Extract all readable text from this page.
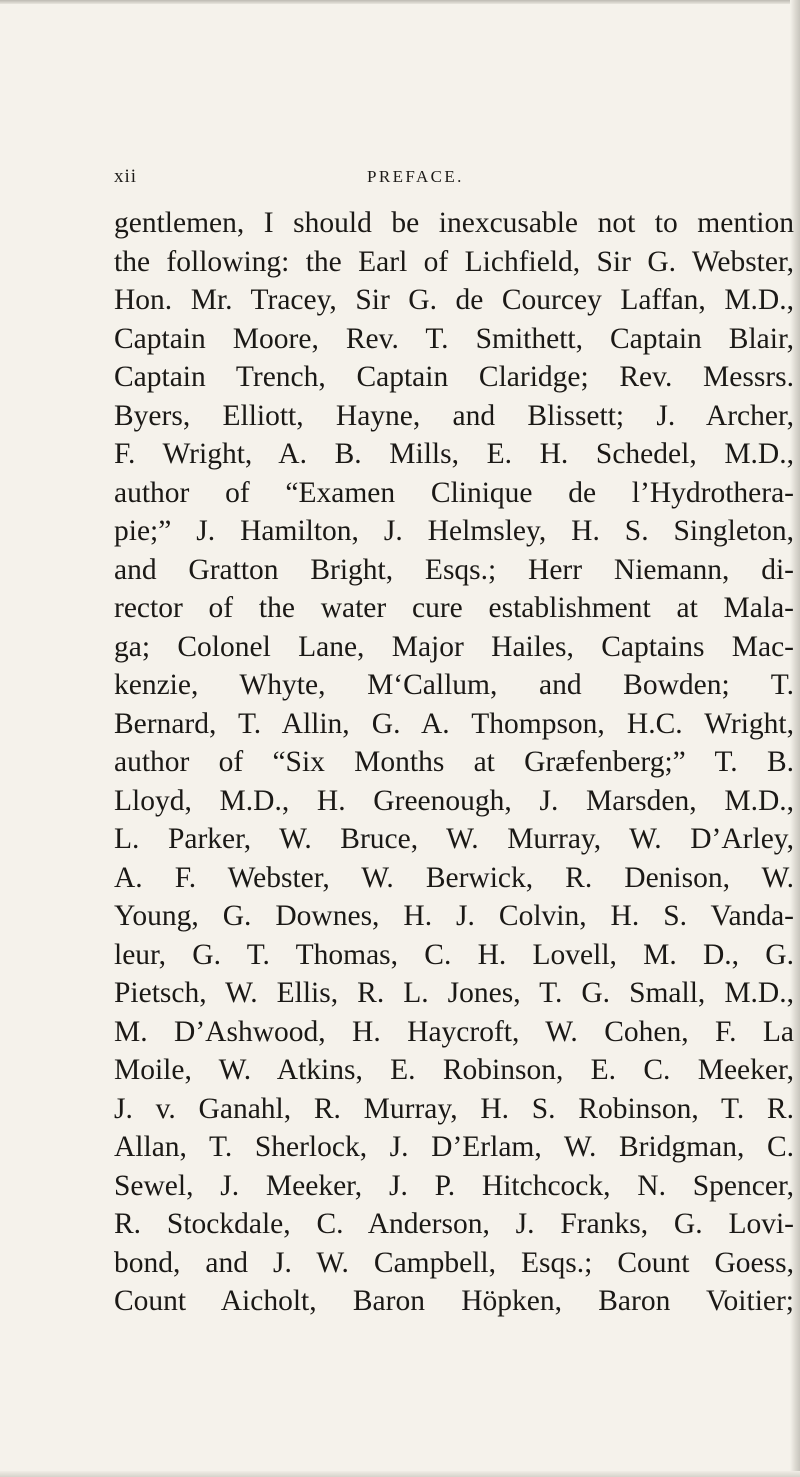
xii	PREFACE.
gentlemen, I should be inexcusable not to mention
the following: the Earl of Lichfield, Sir G. Webster,
Hon. Mr. Tracey, Sir G. de Courcey Laffan, M.D.,
Captain Moore, Rev. T. Smithett, Captain Blair,
Captain Trench, Captain Claridge; Rev. Messrs.
Byers, Elliott, Hayne, and Blissett; J. Archer,
F. Wright, A. B. Mills, E. H. Schedel, M.D.,
author of “Examen Clinique de l’Hydrothera-
pie;” J. Hamilton, J. Helmsley, H. S. Singleton,
and Gratton Bright, Esqs.; Herr Niemann, di-
rector of the water cure establishment at Mala-
ga; Colonel Lane, Major Hailes, Captains Mac-
kenzie, Whyte, M‘Callum, and Bowden; T.
Bernard, T. Allin, G. A. Thompson, H.C. Wright,
author of “Six Months at Græfenberg;” T. B.
Lloyd, M.D., H. Greenough, J. Marsden, M.D.,
L. Parker, W. Bruce, W. Murray, W. D’Arley,
A. F. Webster, W. Berwick, R. Denison, W.
Young, G. Downes, H. J. Colvin, H. S. Vanda-
leur, G. T. Thomas, C. H. Lovell, M. D., G.
Pietsch, W. Ellis, R. L. Jones, T. G. Small, M.D.,
M. D’Ashwood, H. Haycroft, W. Cohen, F. La
Moile, W. Atkins, E. Robinson, E. C. Meeker,
J. v. Ganahl, R. Murray, H. S. Robinson, T. R.
Allan, T. Sherlock, J. D’Erlam, W. Bridgman, C.
Sewel, J. Meeker, J. P. Hitchcock, N. Spencer,
R. Stockdale, C. Anderson, J. Franks, G. Lovi-
bond, and J. W. Campbell, Esqs.; Count Goess,
Count Aicholt, Baron Höpken, Baron Voitier;
